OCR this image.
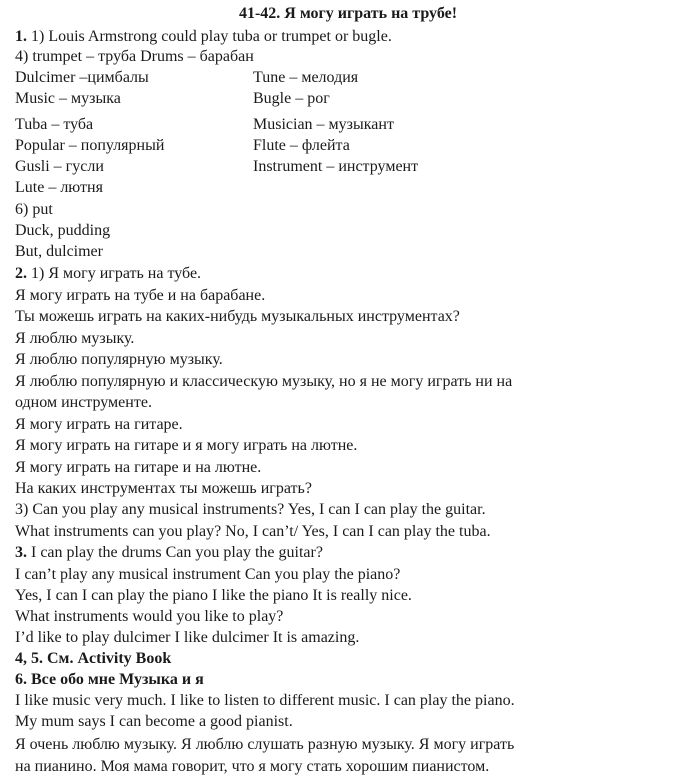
41-42. Я могу играть на трубе!
1. 1) Louis Armstrong could play tuba or trumpet or bugle.
4) trumpet – труба Drums – барабан
Dulcimer –цимбалы	Tune – мелодия
Music – музыка	Bugle – рог
Tuba – туба	Musician – музыкант
Popular – популярный	Flute – флейта
Gusli – гусли	Instrument – инструмент
Lute – лютня
6) put
Duck, pudding
But, dulcimer
2. 1) Я могу играть на тубе.
Я могу играть на тубе и на барабане.
Ты можешь играть на каких-нибудь музыкальных инструментах?
Я люблю музыку.
Я люблю популярную музыку.
Я люблю популярную и классическую музыку, но я не могу играть ни на
одном инструменте.
Я могу играть на гитаре.
Я могу играть на гитаре и я могу играть на лютне.
Я могу играть на гитаре и на лютне.
На каких инструментах ты можешь играть?
3) Can you play any musical instruments? Yes, I can I can play the guitar.
What instruments can you play? No, I can’t/ Yes, I can I can play the tuba.
3. I can play the drums Can you play the guitar?
I can’t play any musical instrument Can you play the piano?
Yes, I can I can play the piano I like the piano It is really nice.
What instruments would you like to play?
I’d like to play dulcimer I like dulcimer It is amazing.
4, 5. См. Activity Book
6. Все обо мне Музыка и я
I like music very much. I like to listen to different music. I can play the piano.
My mum says I can become a good pianist.
Я очень люблю музыку. Я люблю слушать разную музыку. Я могу играть
на пианино. Моя мама говорит, что я могу стать хорошим пианистом.
